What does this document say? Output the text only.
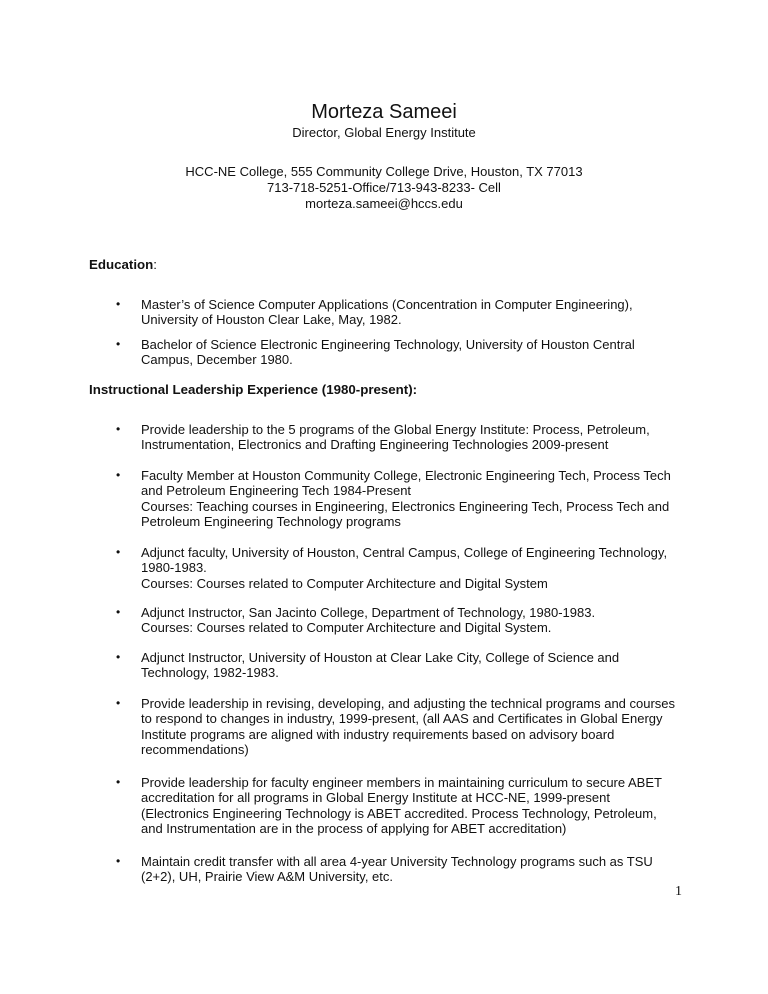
Morteza Sameei
Director, Global Energy Institute
HCC-NE College, 555 Community College Drive, Houston, TX 77013
713-718-5251-Office/713-943-8233- Cell
morteza.sameei@hccs.edu
Education:
• Master’s of Science Computer Applications (Concentration in Computer Engineering),
University of Houston Clear Lake, May, 1982.
• Bachelor of Science Electronic Engineering Technology, University of Houston Central
Campus, December 1980.
Instructional Leadership Experience (1980-present):
• Provide leadership to the 5 programs of the Global Energy Institute: Process, Petroleum,
Instrumentation, Electronics and Drafting Engineering Technologies 2009-present
• Faculty Member at Houston Community College, Electronic Engineering Tech, Process Tech
and Petroleum Engineering Tech 1984-Present
Courses: Teaching courses in Engineering, Electronics Engineering Tech, Process Tech and
Petroleum Engineering Technology programs
• Adjunct faculty, University of Houston, Central Campus, College of Engineering Technology,
1980-1983.
Courses: Courses related to Computer Architecture and Digital System
• Adjunct Instructor, San Jacinto College, Department of Technology, 1980-1983.
Courses: Courses related to Computer Architecture and Digital System.
• Adjunct Instructor, University of Houston at Clear Lake City, College of Science and
Technology, 1982-1983.
• Provide leadership in revising, developing, and adjusting the technical programs and courses
to respond to changes in industry, 1999-present, (all AAS and Certificates in Global Energy
Institute programs are aligned with industry requirements based on advisory board
recommendations)
• Provide leadership for faculty engineer members in maintaining curriculum to secure ABET
accreditation for all programs in Global Energy Institute at HCC-NE, 1999-present
(Electronics Engineering Technology is ABET accredited. Process Technology, Petroleum,
and Instrumentation are in the process of applying for ABET accreditation)
• Maintain credit transfer with all area 4-year University Technology programs such as TSU
(2+2), UH, Prairie View A&M University, etc.
1
